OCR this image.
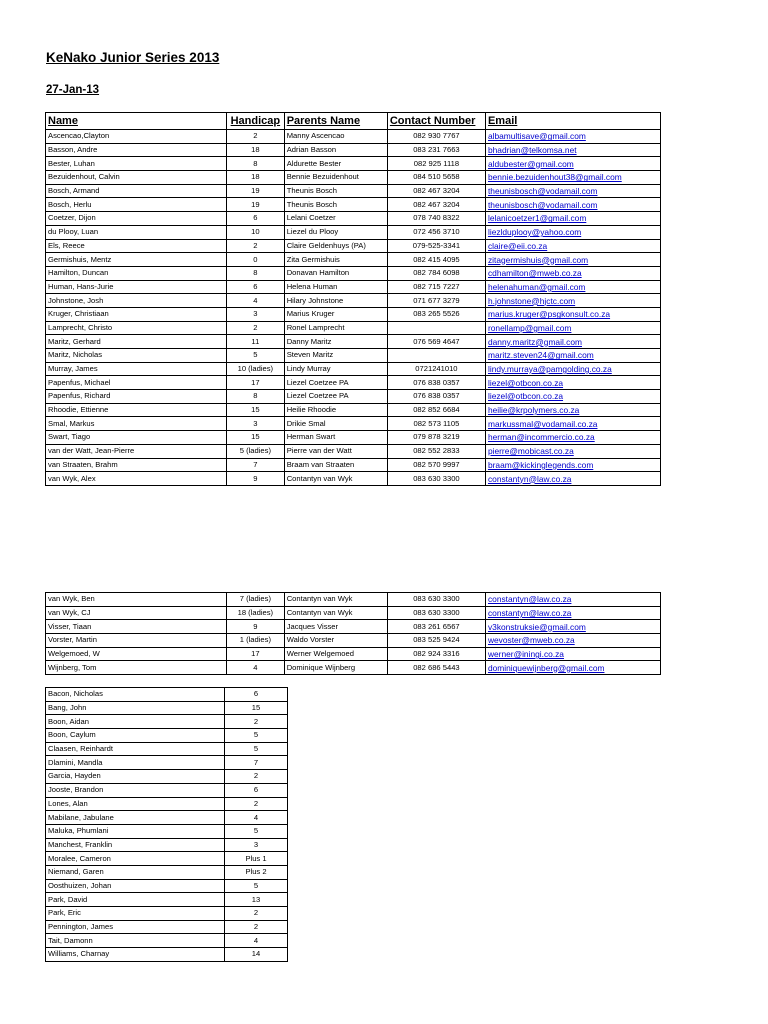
KeNako Junior Series 2013
27-Jan-13
Name	Handicap	Parents Name	Contact Number	Email
Ascencao,Clayton	2	Manny Ascencao	082 930 7767	albamultisave@gmail.com
Basson, Andre	18	Adrian Basson	083 231 7663	bhadrian@telkomsa.net
Bester, Luhan	8	Aldurette Bester	082 925 1118	aldubester@gmail.com
Bezuidenhout, Calvin	18	Bennie Bezuidenhout	084 510 5658	bennie.bezuidenhout38@gmail.com
Bosch, Armand	19	Theunis Bosch	082 467 3204	theunisbosch@vodamail.com
Bosch, Herlu	19	Theunis Bosch	082 467 3204	theunisbosch@vodamail.com
Coetzer, Dijon	6	Lelani Coetzer	078 740 8322	lelanicoetzer1@gmail.com
du Plooy, Luan	10	Liezel du Plooy	072 456 3710	liezlduplooy@yahoo.com
Els, Reece	2	Claire Geldenhuys (PA)	079-525-3341	claire@eii.co.za
Germishuis, Mentz	0	Zita Germishuis	082 415 4095	zitagermishuis@gmail.com
Hamilton, Duncan	8	Donavan Hamilton	082 784 6098	cdhamilton@mweb.co.za
Human, Hans-Jurie	6	Helena Human	082 715 7227	helenahuman@gmail.com
Johnstone, Josh	4	Hilary Johnstone	071 677 3279	h.johnstone@hjctc.com
Kruger, Christiaan	3	Marius Kruger	083 265 5526	marius.kruger@psgkonsult.co.za
Lamprecht, Christo	2	Ronel Lamprecht		ronellamp@gmail.com
Maritz, Gerhard	11	Danny Maritz	076 569 4647	danny.maritz@gmail.com
Maritz, Nicholas	5	Steven Maritz		maritz.steven24@gmail.com
Murray, James	10 (ladies)	Lindy Murray	0721241010	lindy.murraya@pamgolding.co.za
Papenfus, Michael	17	Liezel Coetzee PA	076 838 0357	liezel@otbcon.co.za
Papenfus, Richard	8	Liezel Coetzee PA	076 838 0357	liezel@otbcon.co.za
Rhoodie, Ettienne	15	Heilie Rhoodie	082 852 6684	heilie@krpolymers.co.za
Smal, Markus	3	Drikie Smal	082 573 1105	markussmal@vodamail.co.za
Swart, Tiago	15	Herman Swart	079 878 3219	herman@incommercio.co.za
van der Watt, Jean-Pierre	5 (ladies)	Pierre van der Watt	082 552 2833	pierre@mobicast.co.za
van Straaten, Brahm	7	Braam van Straaten	082 570 9997	braam@kickinglegends.com
van Wyk, Alex	9	Contantyn van Wyk	083 630 3300	constantyn@law.co.za
van Wyk, Ben	7 (ladies)	Contantyn van Wyk	083 630 3300	constantyn@law.co.za
van Wyk, CJ	18 (ladies)	Contantyn van Wyk	083 630 3300	constantyn@law.co.za
Visser, Tiaan	9	Jacques Visser	083 261 6567	v3konstruksie@gmail.com
Vorster, Martin	1 (ladies)	Waldo Vorster	083 525 9424	wevoster@mweb.co.za
Welgemoed, W	17	Werner Welgemoed	082 924 3316	werner@iningi.co.za
Wijnberg, Tom	4	Dominique Wijnberg	082 686 5443	dominiquewijnberg@gmail.com
Bacon, Nicholas	6
Bang, John	15
Boon, Aidan	2
Boon, Caylum	5
Claasen, Reinhardt	5
Dlamini, Mandla	7
Garcia, Hayden	2
Jooste, Brandon	6
Lones, Alan	2
Mabilane, Jabulane	4
Maluka, Phumlani	5
Manchest, Franklin	3
Moralee, Cameron	Plus 1
Niemand, Garen	Plus 2
Oosthuizen, Johan	5
Park, David	13
Park, Eric	2
Pennington, James	2
Tait, Damonn	4
Williams, Charnay	14
